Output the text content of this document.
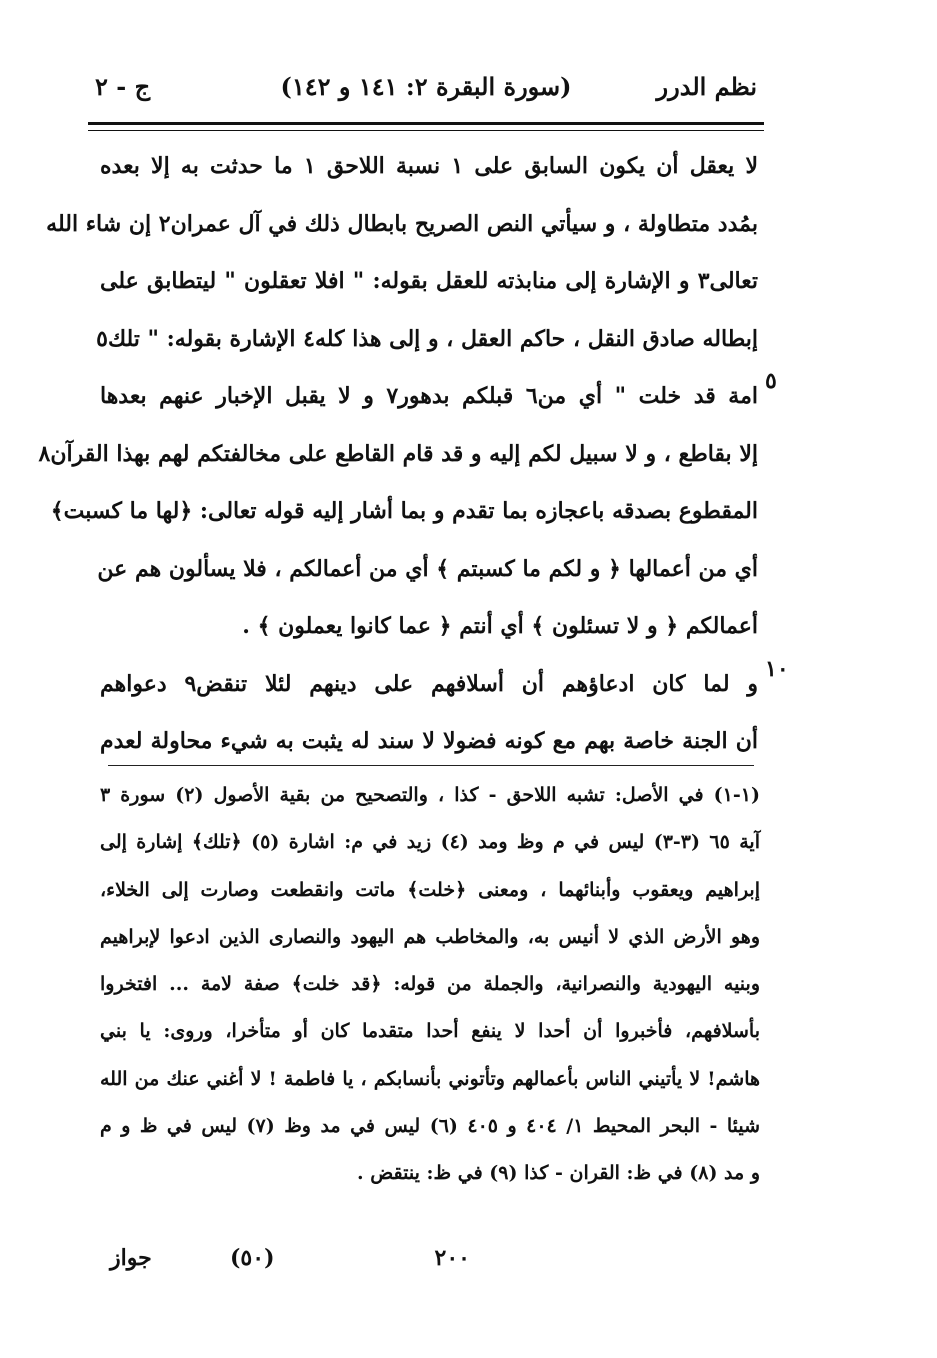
نظم الدرر
(سورة البقرة ٢: ١٤١ و ١٤٢)
ج - ٢
لا يعقل أن يكون السابق على ١ نسبة اللاحق ١ ما حدثت به إلا بعده
بمُدد متطاولة ، و سيأتي النص الصريح بابطال ذلك في آل عمران٢ إن شاء الله
تعالى٣ و الإشارة إلى منابذته للعقل بقوله: " افلا تعقلون " ليتطابق على
إبطاله صادق النقل ، حاكم العقل ، و إلى هذا كله٤ الإشارة بقوله: " تلك٥
امة قد خلت " أي من٦ قبلكم بدهور٧ و لا يقبل الإخبار عنهم بعدها
إلا بقاطع ، و لا سبيل لكم إليه و قد قام القاطع على مخالفتكم لهم بهذا القرآن٨
المقطوع بصدقه باعجازه بما تقدم و بما أشار إليه قوله تعالى: ﴿لها ما كسبت﴾
أي من أعمالها ﴿ و لكم ما كسبتم ﴾ أي من أعمالكم ، فلا يسألون هم عن
أعمالكم ﴿ و لا تسئلون ﴾ أي أنتم ﴿ عما كانوا يعملون ﴾ .
و لما كان ادعاؤهم أن أسلافهم على دينهم لئلا تنقض٩ دعواهم
أن الجنة خاصة بهم مع كونه فضولا لا سند له يثبت به شيء محاولة لعدم
٥
١٠
(١-١) في الأصل: تشبه اللاحق - كذا ، والتصحيح من بقية الأصول (٢) سورة ٣
آية ٦٥ (٣-٣) ليس في م وظ ومد (٤) زيد في م: اشارة (٥) ﴿تلك﴾ إشارة إلى
إبراهيم ويعقوب وأبنائهما ، ومعنى ﴿خلت﴾ ماتت وانقطعت وصارت إلى الخلاء،
وهو الأرض الذي لا أنيس به، والمخاطب هم اليهود والنصارى الذين ادعوا لإبراهيم
وبنيه اليهودية والنصرانية، والجملة من قوله: ﴿قد خلت﴾ صفة لامة ... افتخروا
بأسلافهم، فأخبروا أن أحدا لا ينفع أحدا متقدما كان أو متأخرا، وروى: يا بني
هاشم! لا يأتيني الناس بأعمالهم وتأتوني بأنسابكم ، يا فاطمة ! لا أغني عنك من الله
شيئا - البحر المحيط ١/ ٤٠٤ و ٤٠٥ (٦) ليس في مد وظ (٧) ليس في ظ و م
و مد (٨) في ظ: القران - كذا (٩) في ظ: ينتقض .
٢٠٠
(٥٠)
جواز
